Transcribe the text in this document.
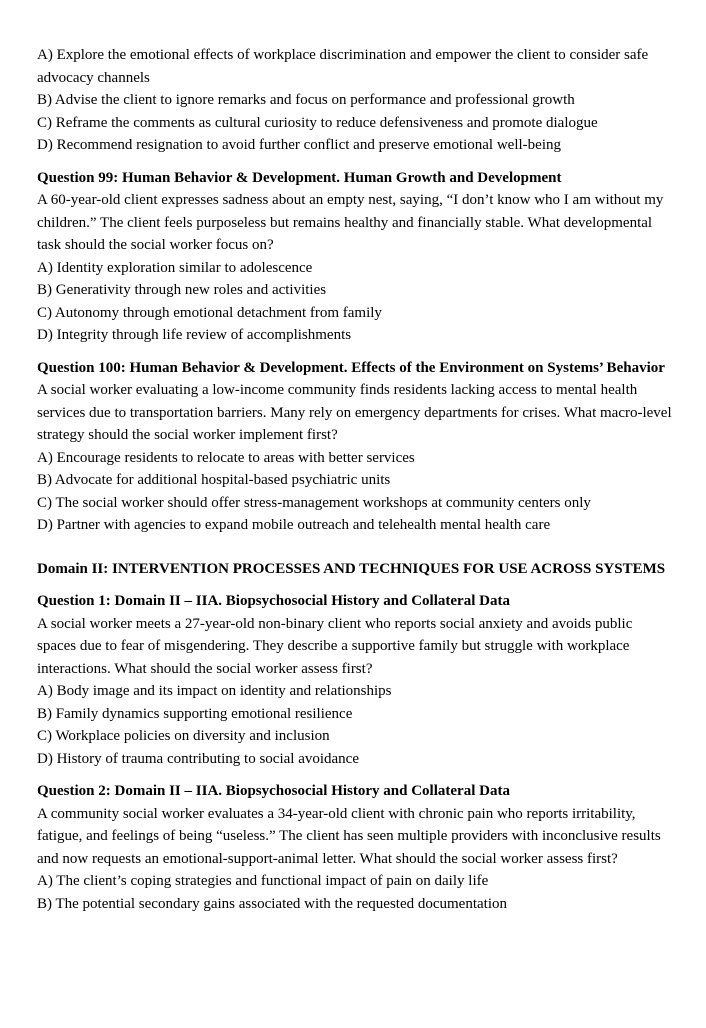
A) Explore the emotional effects of workplace discrimination and empower the client to consider safe advocacy channels

B) Advise the client to ignore remarks and focus on performance and professional growth

C) Reframe the comments as cultural curiosity to reduce defensiveness and promote dialogue

D) Recommend resignation to avoid further conflict and preserve emotional well-being

Question 99: Human Behavior & Development. Human Growth and Development

A 60-year-old client expresses sadness about an empty nest, saying, “I don’t know who I am without my children.” The client feels purposeless but remains healthy and financially stable. What developmental task should the social worker focus on?

A) Identity exploration similar to adolescence

B) Generativity through new roles and activities

C) Autonomy through emotional detachment from family

D) Integrity through life review of accomplishments

Question 100: Human Behavior & Development. Effects of the Environment on Systems’ Behavior

A social worker evaluating a low-income community finds residents lacking access to mental health services due to transportation barriers. Many rely on emergency departments for crises. What macro-level strategy should the social worker implement first?

A) Encourage residents to relocate to areas with better services

B) Advocate for additional hospital-based psychiatric units

C) The social worker should offer stress-management workshops at community centers only

D) Partner with agencies to expand mobile outreach and telehealth mental health care

Domain II: INTERVENTION PROCESSES AND TECHNIQUES FOR USE ACROSS SYSTEMS

Question 1: Domain II – IIA. Biopsychosocial History and Collateral Data

A social worker meets a 27-year-old non-binary client who reports social anxiety and avoids public spaces due to fear of misgendering. They describe a supportive family but struggle with workplace interactions. What should the social worker assess first?

A) Body image and its impact on identity and relationships

B) Family dynamics supporting emotional resilience

C) Workplace policies on diversity and inclusion

D) History of trauma contributing to social avoidance

Question 2: Domain II – IIA. Biopsychosocial History and Collateral Data

A community social worker evaluates a 34-year-old client with chronic pain who reports irritability, fatigue, and feelings of being “useless.” The client has seen multiple providers with inconclusive results and now requests an emotional-support-animal letter. What should the social worker assess first?

A) The client’s coping strategies and functional impact of pain on daily life

B) The potential secondary gains associated with the requested documentation
